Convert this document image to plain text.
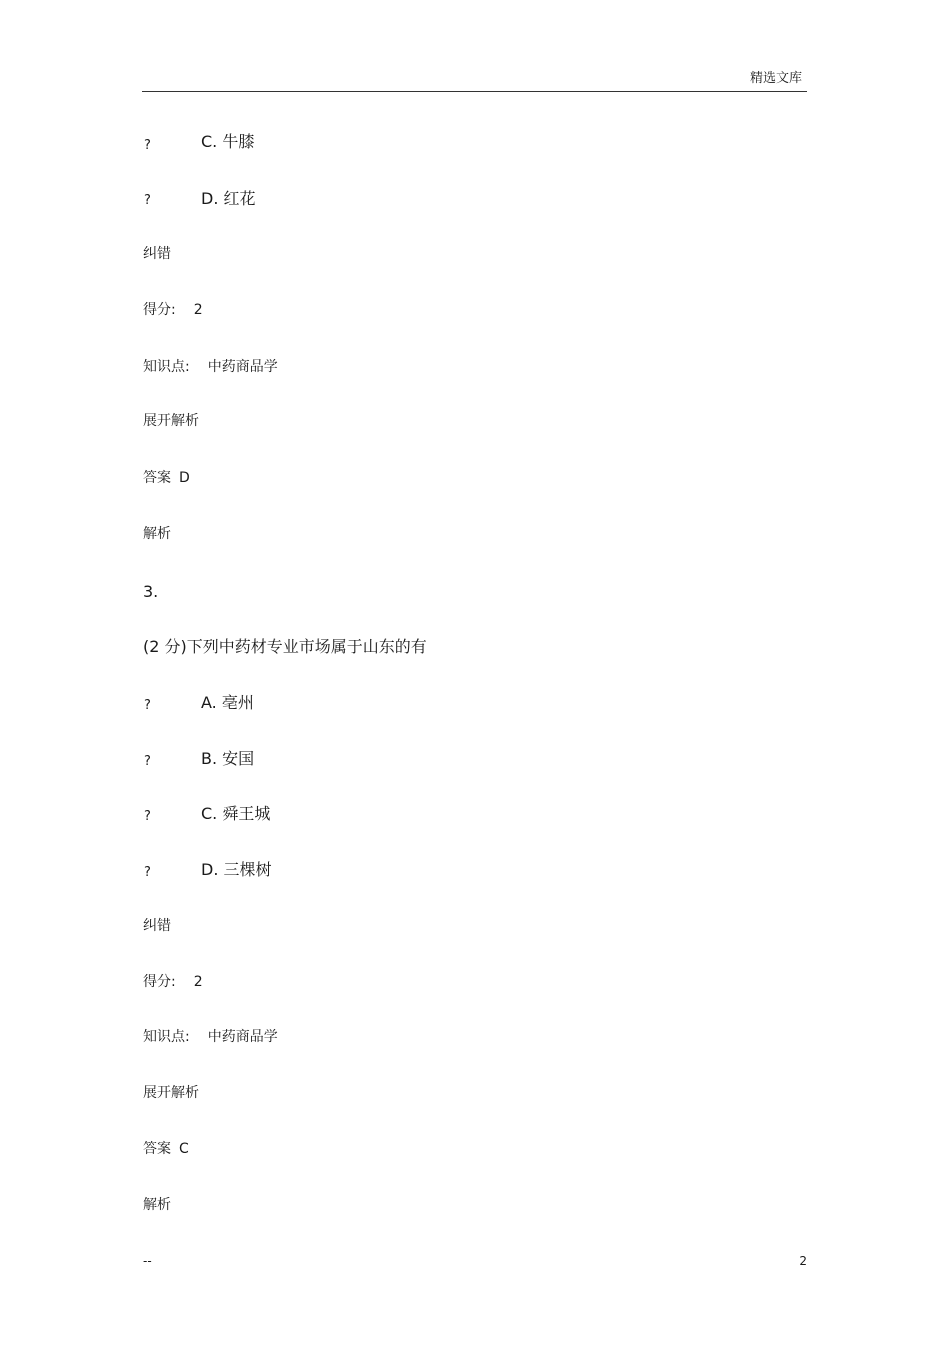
精选文库
?	C. 牛膝
?	D. 红花
纠错
得分: 2
知识点: 中药商品学
展开解析
答案 D
解析
3.
(2 分)下列中药材专业市场属于山东的有
?	A. 亳州
?	B. 安国
?	C. 舜王城
?	D. 三棵树
纠错
得分: 2
知识点: 中药商品学
展开解析
答案 C
解析
--	2
